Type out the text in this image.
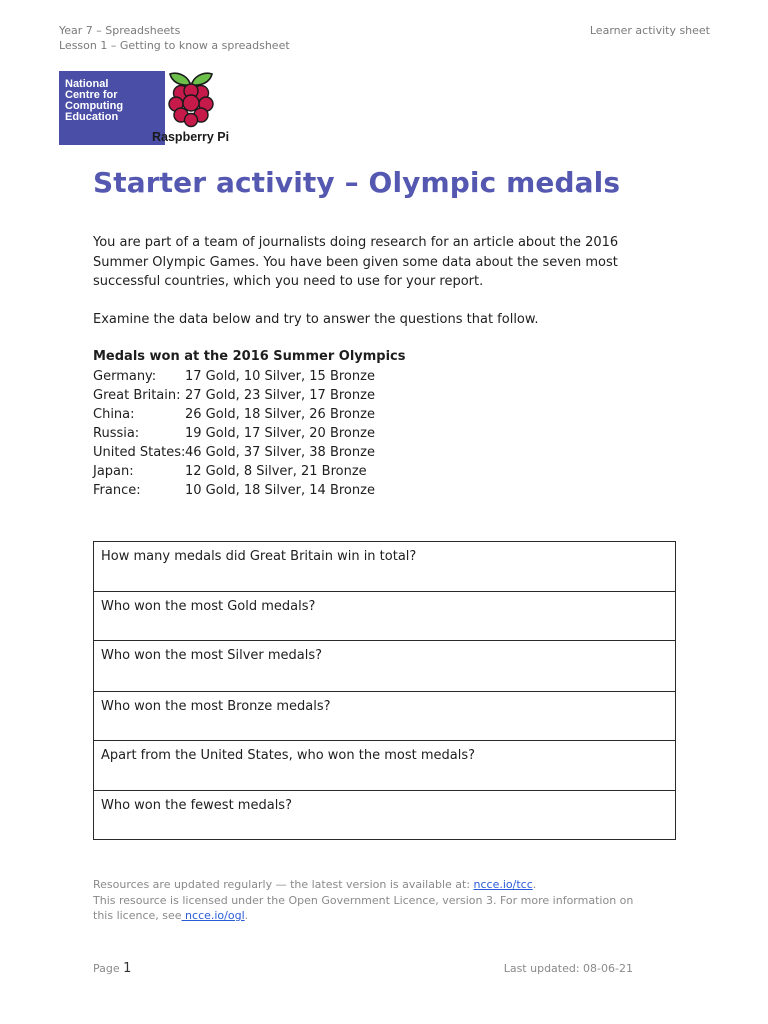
Year 7 – Spreadsheets
Lesson 1 – Getting to know a spreadsheet
Learner activity sheet
National
Centre for
Computing
Education
Raspberry Pi
Starter activity – Olympic medals

You are part of a team of journalists doing research for an article about the 2016 Summer Olympic Games. You have been given some data about the seven most successful countries, which you need to use for your report.

Examine the data below and try to answer the questions that follow.

Medals won at the 2016 Summer Olympics
Germany:	17 Gold, 10 Silver, 15 Bronze
Great Britain: 27 Gold, 23 Silver, 17 Bronze
China:	26 Gold, 18 Silver, 26 Bronze
Russia:	19 Gold, 17 Silver, 20 Bronze
United States: 46 Gold, 37 Silver, 38 Bronze
Japan:	12 Gold, 8 Silver, 21 Bronze
France:	10 Gold, 18 Silver, 14 Bronze
How many medals did Great Britain win in total?
Who won the most Gold medals?
Who won the most Silver medals?
Who won the most Bronze medals?
Apart from the United States, who won the most medals?
Who won the fewest medals?
Resources are updated regularly — the latest version is available at: ncce.io/tcc.
This resource is licensed under the Open Government Licence, version 3. For more information on this licence, see ncce.io/ogl.
Page 1	Last updated: 08-06-21
